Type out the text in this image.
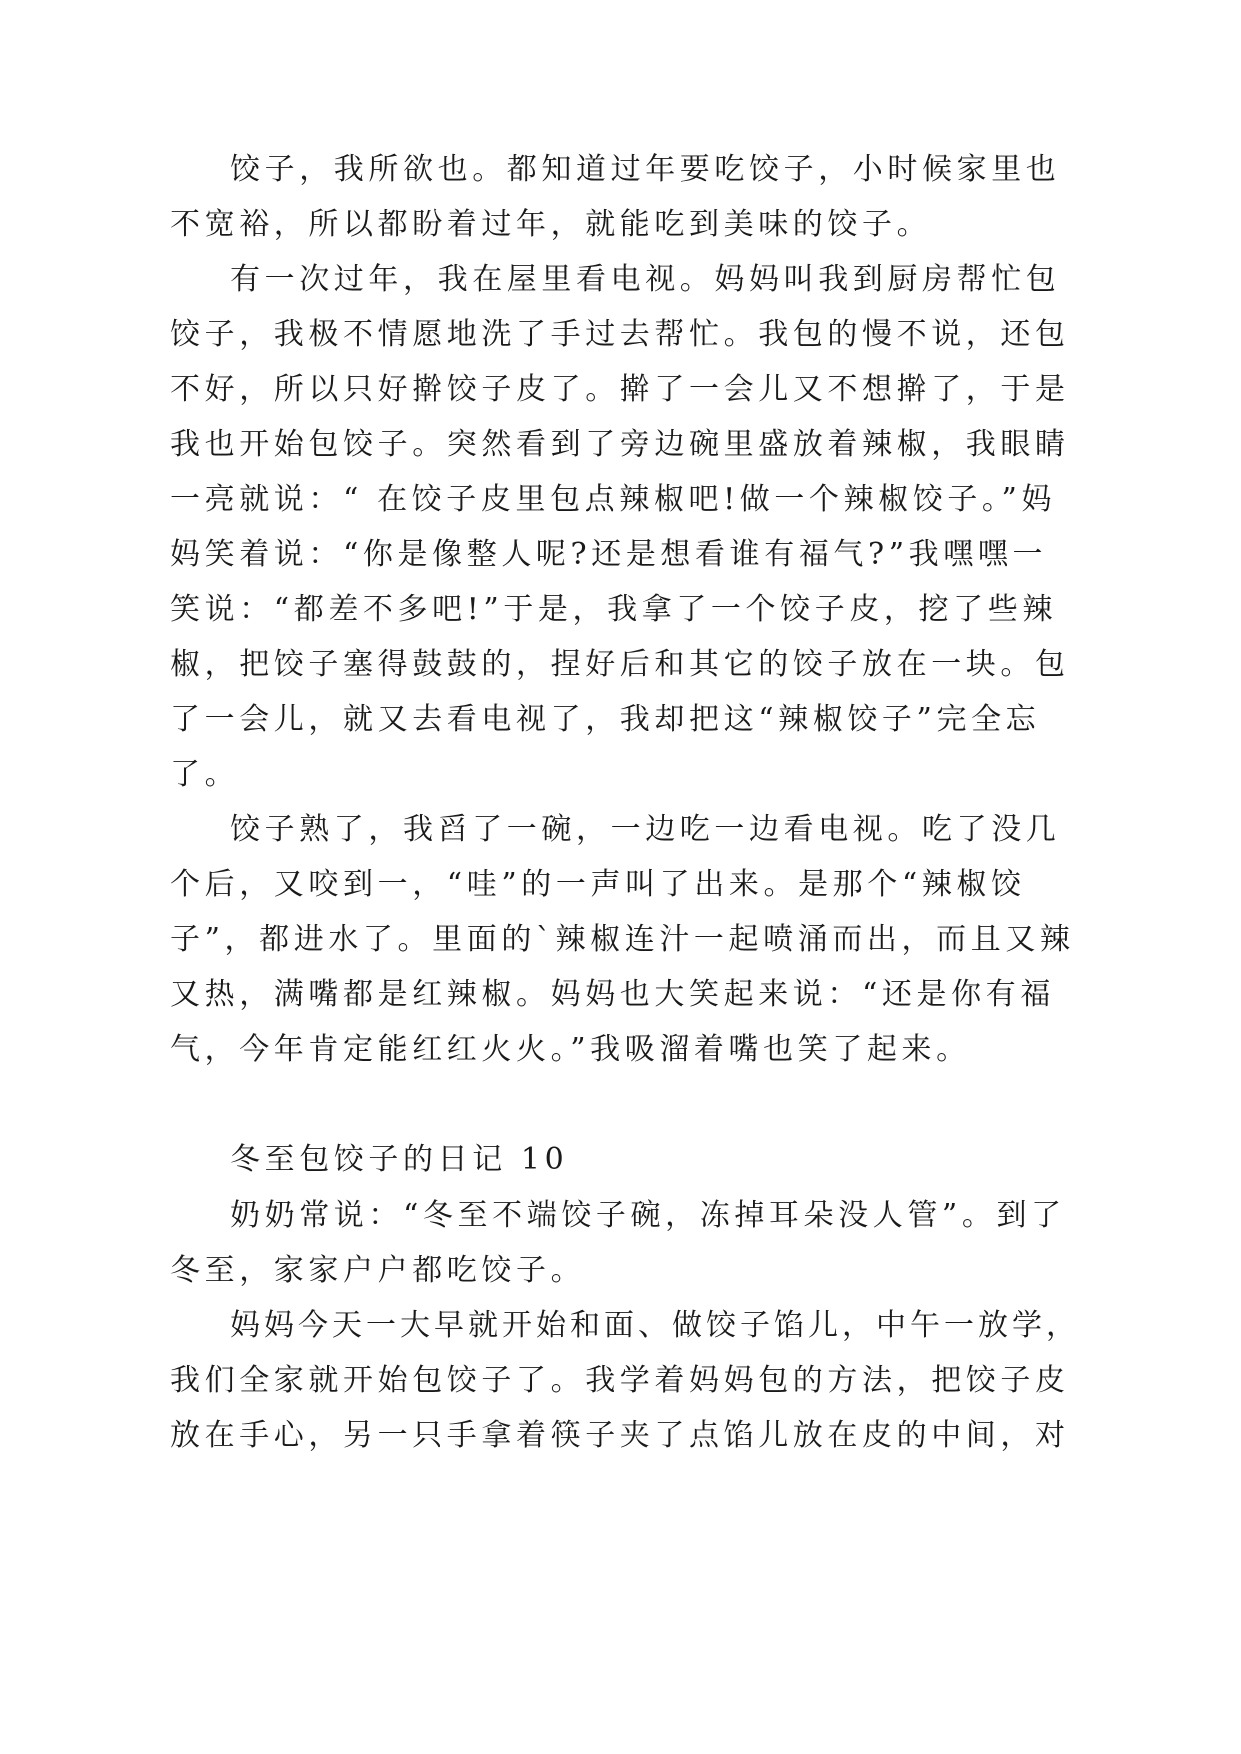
饺子，我所欲也。都知道过年要吃饺子，小时候家里也

不宽裕，所以都盼着过年，就能吃到美味的饺子。

有一次过年，我在屋里看电视。妈妈叫我到厨房帮忙包

饺子，我极不情愿地洗了手过去帮忙。我包的慢不说，还包

不好，所以只好擀饺子皮了。擀了一会儿又不想擀了，于是

我也开始包饺子。突然看到了旁边碗里盛放着辣椒，我眼睛

一亮就说：“ 在饺子皮里包点辣椒吧!做一个辣椒饺子。”妈

妈笑着说：“你是像整人呢?还是想看谁有福气?”我嘿嘿一

笑说：“都差不多吧!”于是，我拿了一个饺子皮，挖了些辣

椒，把饺子塞得鼓鼓的，捏好后和其它的饺子放在一块。包

了一会儿，就又去看电视了，我却把这“辣椒饺子”完全忘

了。

饺子熟了，我舀了一碗，一边吃一边看电视。吃了没几

个后，又咬到一，“哇”的一声叫了出来。是那个“辣椒饺

子”，都进水了。里面的`辣椒连汁一起喷涌而出，而且又辣

又热，满嘴都是红辣椒。妈妈也大笑起来说：“还是你有福

气，今年肯定能红红火火。”我吸溜着嘴也笑了起来。

冬至包饺子的日记 10

奶奶常说：“冬至不端饺子碗，冻掉耳朵没人管”。到了

冬至，家家户户都吃饺子。

妈妈今天一大早就开始和面、做饺子馅儿，中午一放学，

我们全家就开始包饺子了。我学着妈妈包的方法，把饺子皮

放在手心，另一只手拿着筷子夹了点馅儿放在皮的中间，对
